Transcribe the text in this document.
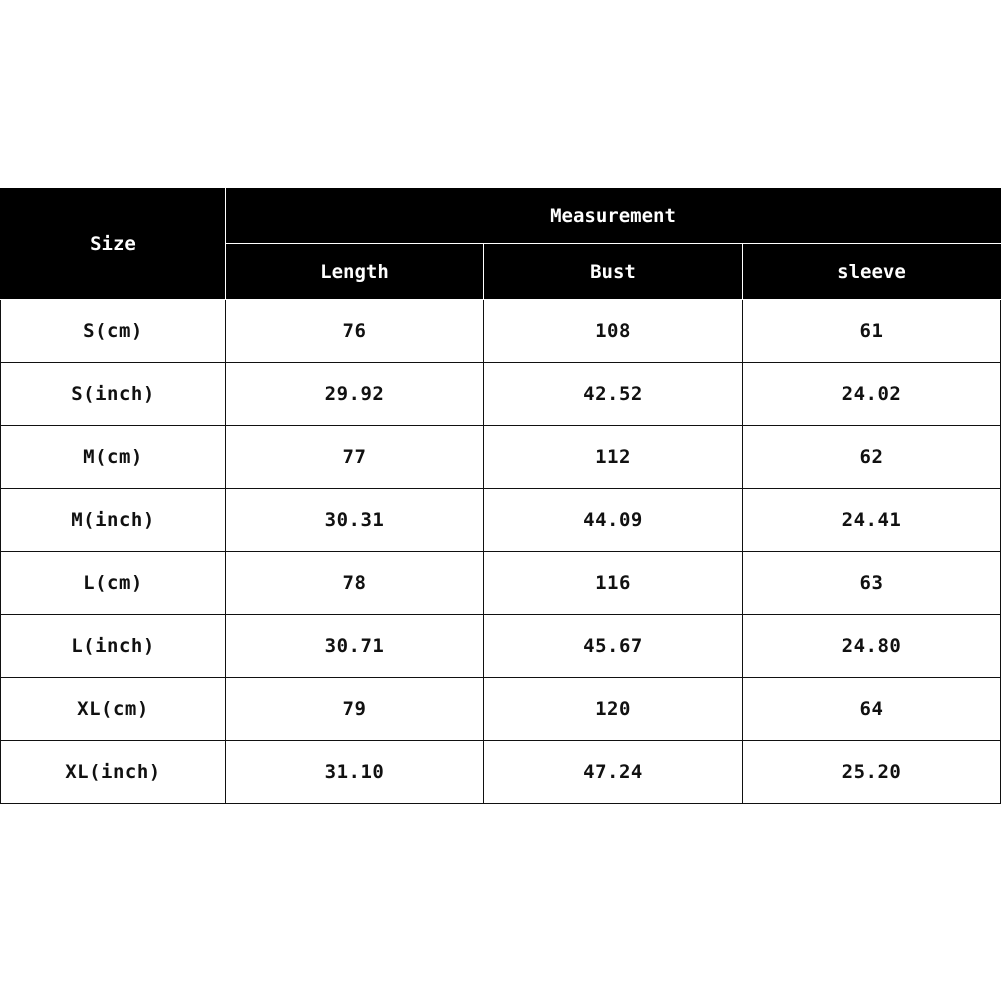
Size	Measurement		
	Length	Bust	sleeve
S(cm)	76	108	61
S(inch)	29.92	42.52	24.02
M(cm)	77	112	62
M(inch)	30.31	44.09	24.41
L(cm)	78	116	63
L(inch)	30.71	45.67	24.80
XL(cm)	79	120	64
XL(inch)	31.10	47.24	25.20
